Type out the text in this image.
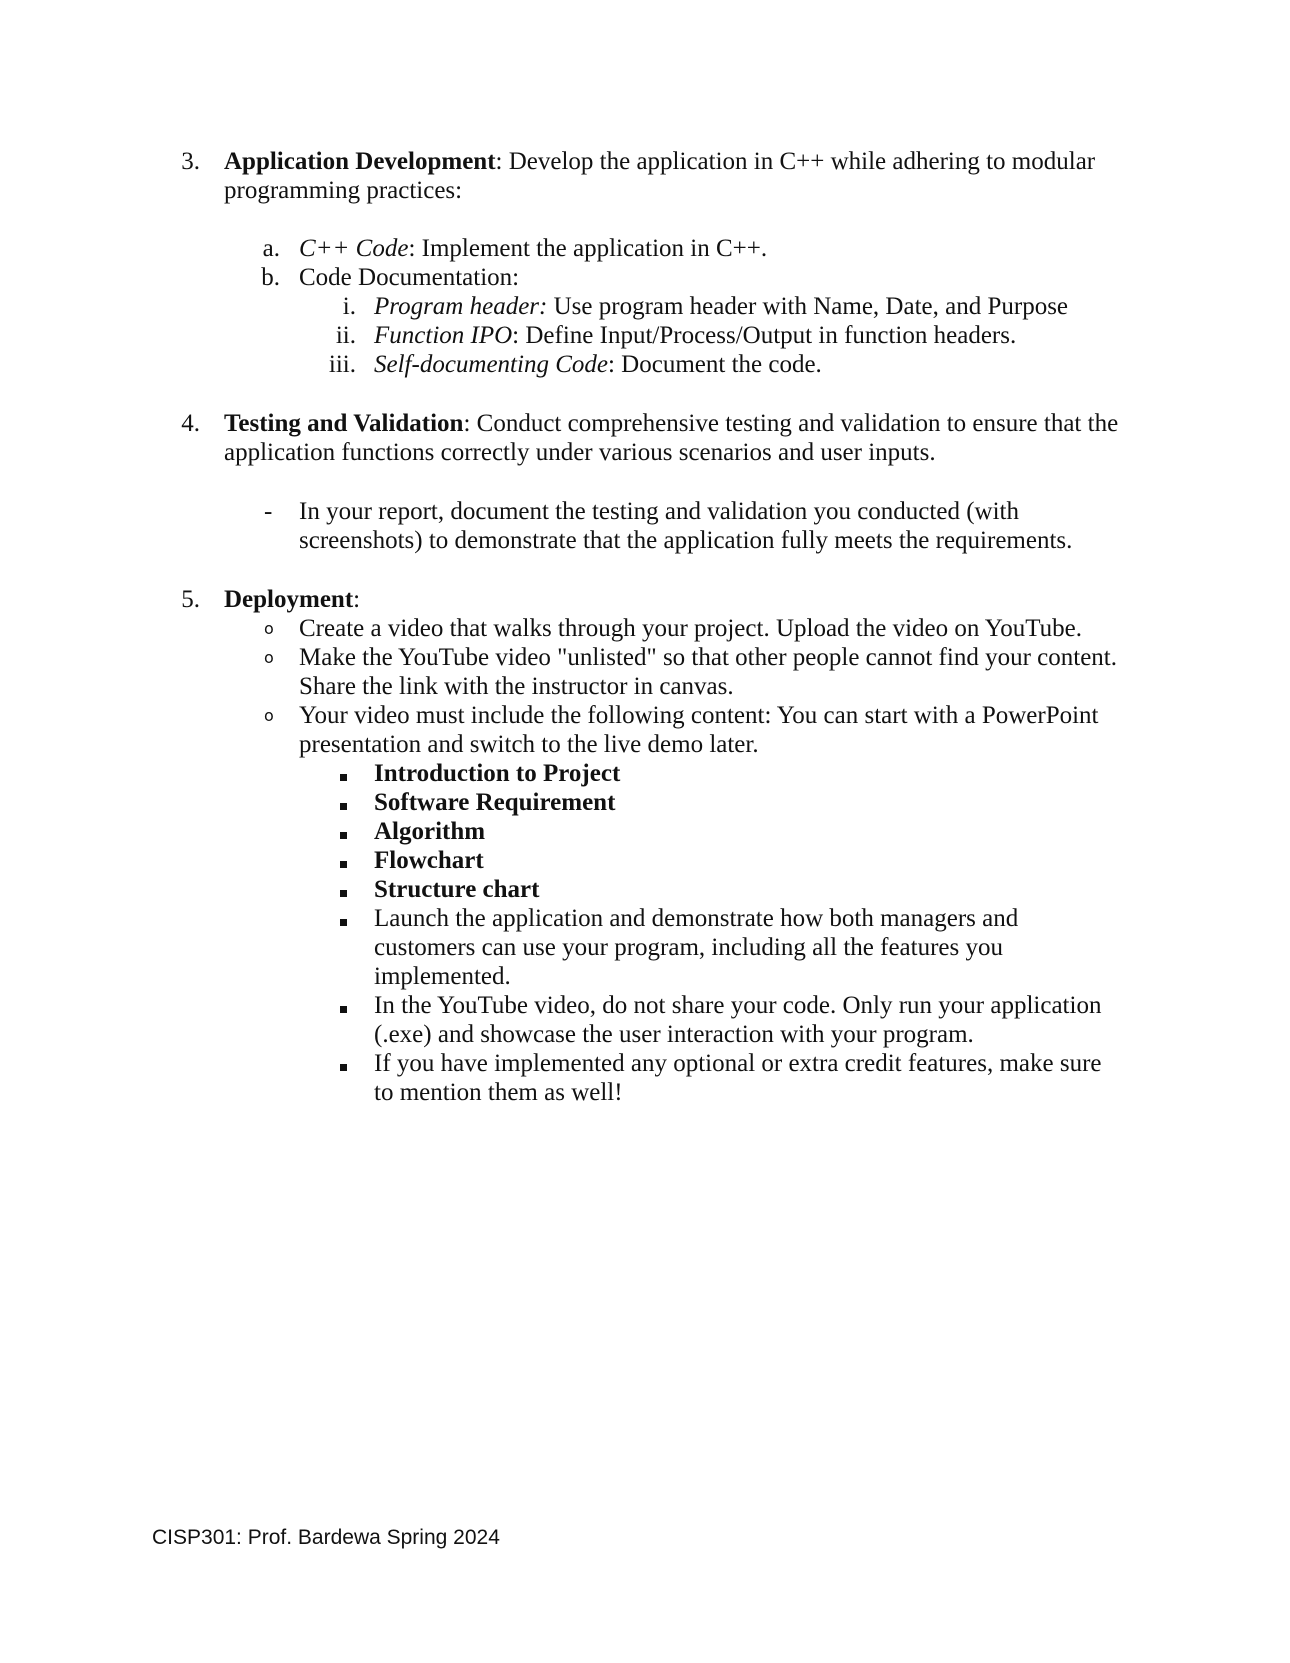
3. Application Development: Develop the application in C++ while adhering to modular
programming practices:
a. C++ Code: Implement the application in C++.
b. Code Documentation:
i. Program header: Use program header with Name, Date, and Purpose
ii. Function IPO: Define Input/Process/Output in function headers.
iii. Self-documenting Code: Document the code.
4. Testing and Validation: Conduct comprehensive testing and validation to ensure that the
application functions correctly under various scenarios and user inputs.
- In your report, document the testing and validation you conducted (with
screenshots) to demonstrate that the application fully meets the requirements.
5. Deployment:
o Create a video that walks through your project. Upload the video on YouTube.
o Make the YouTube video "unlisted" so that other people cannot find your content.
Share the link with the instructor in canvas.
o Your video must include the following content: You can start with a PowerPoint
presentation and switch to the live demo later.
Introduction to Project
Software Requirement
Algorithm
Flowchart
Structure chart
Launch the application and demonstrate how both managers and
customers can use your program, including all the features you
implemented.
In the YouTube video, do not share your code. Only run your application
(.exe) and showcase the user interaction with your program.
If you have implemented any optional or extra credit features, make sure
to mention them as well!
CISP301: Prof. Bardewa Spring 2024
